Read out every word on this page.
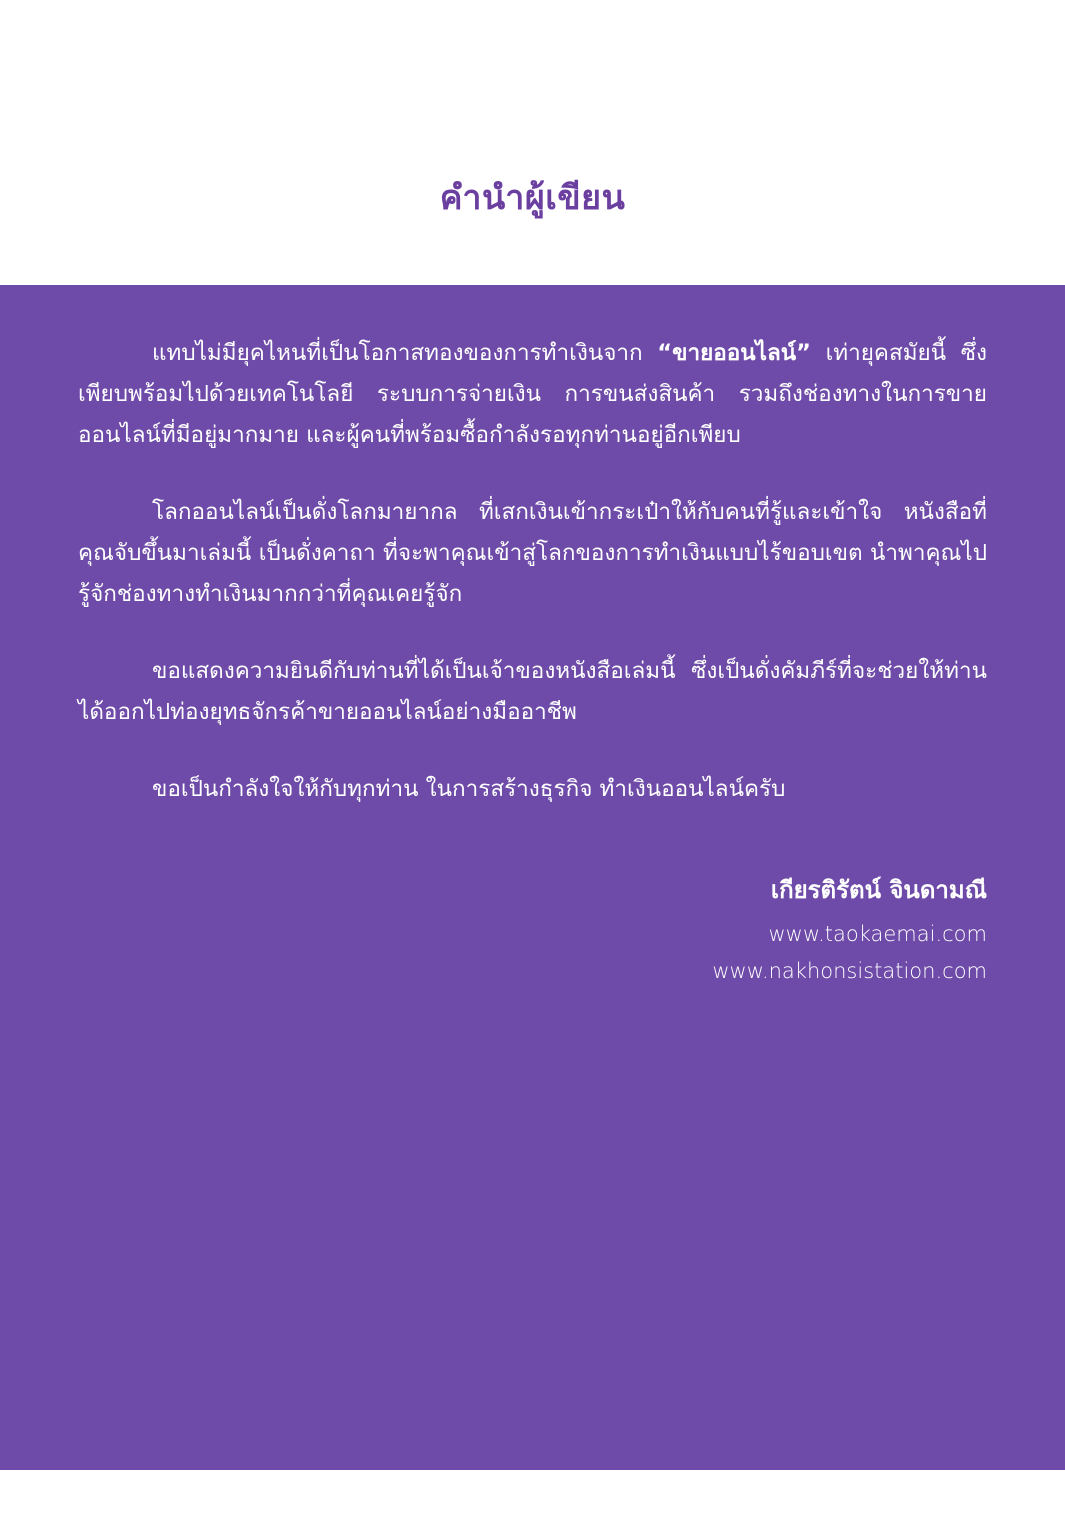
คำนำผู้เขียน

แทบไม่มียุคไหนที่เป็นโอกาสทองของการทำเงินจาก “ขายออนไลน์” เท่ายุคสมัยนี้ ซึ่งเพียบพร้อมไปด้วยเทคโนโลยี ระบบการจ่ายเงิน การขนส่งสินค้า รวมถึงช่องทางในการขายออนไลน์ที่มีอยู่มากมาย และผู้คนที่พร้อมซื้อกำลังรอทุกท่านอยู่อีกเพียบ

โลกออนไลน์เป็นดั่งโลกมายากล ที่เสกเงินเข้ากระเป๋าให้กับคนที่รู้และเข้าใจ หนังสือที่คุณจับขึ้นมาเล่มนี้ เป็นดั่งคาถา ที่จะพาคุณเข้าสู่โลกของการทำเงินแบบไร้ขอบเขต นำพาคุณไปรู้จักช่องทางทำเงินมากกว่าที่คุณเคยรู้จัก

ขอแสดงความยินดีกับท่านที่ได้เป็นเจ้าของหนังสือเล่มนี้ ซึ่งเป็นดั่งคัมภีร์ที่จะช่วยให้ท่านได้ออกไปท่องยุทธจักรค้าขายออนไลน์อย่างมืออาชีพ

ขอเป็นกำลังใจให้กับทุกท่าน ในการสร้างธุรกิจ ทำเงินออนไลน์ครับ

เกียรติรัตน์ จินดามณี
www.taokaemai.com
www.nakhonsistation.com
